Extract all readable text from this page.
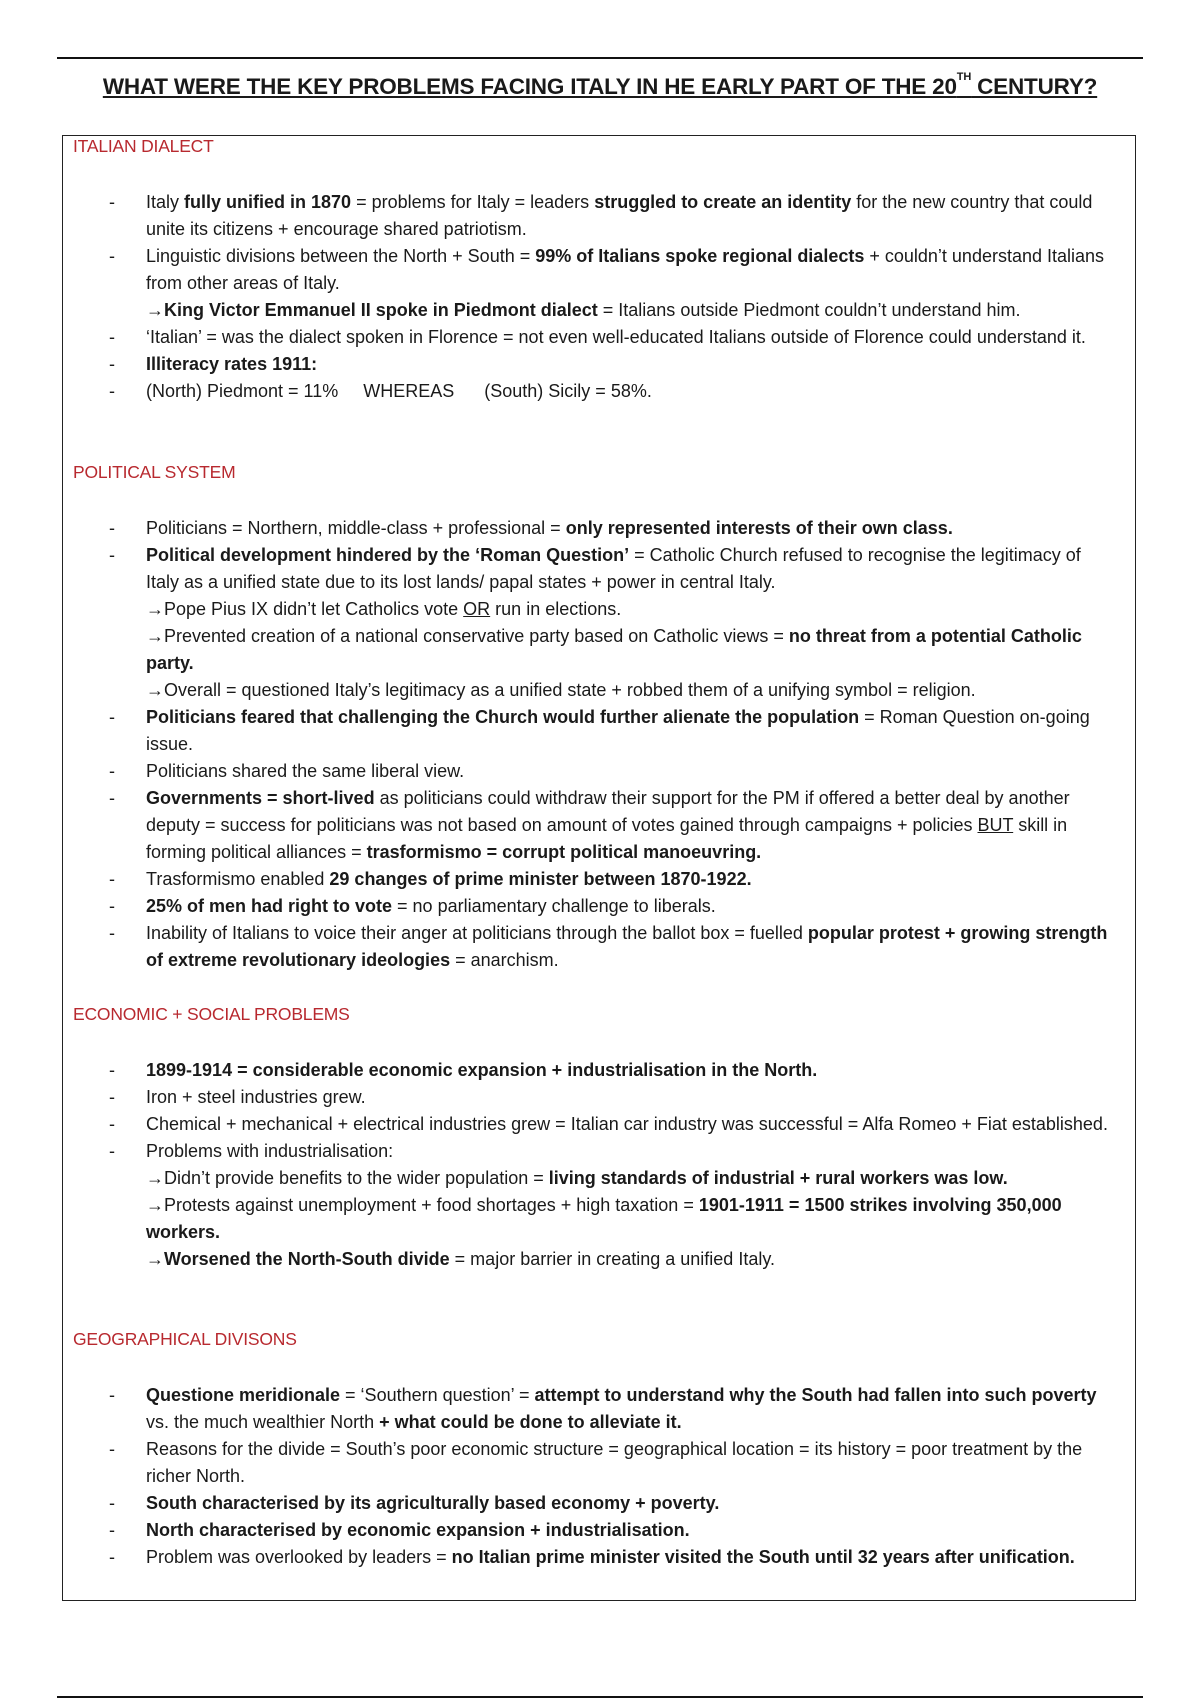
WHAT WERE THE KEY PROBLEMS FACING ITALY IN HE EARLY PART OF THE 20TH CENTURY?
ITALIAN DIALECT
- Italy fully unified in 1870 = problems for Italy = leaders struggled to create an identity for the new country that could unite its citizens + encourage shared patriotism.
- Linguistic divisions between the North + South = 99% of Italians spoke regional dialects + couldn’t understand Italians from other areas of Italy.
→King Victor Emmanuel II spoke in Piedmont dialect = Italians outside Piedmont couldn’t understand him.
- ‘Italian’ = was the dialect spoken in Florence = not even well-educated Italians outside of Florence could understand it.
- Illiteracy rates 1911:
- (North) Piedmont = 11%     WHEREAS      (South) Sicily = 58%.
POLITICAL SYSTEM
- Politicians = Northern, middle-class + professional = only represented interests of their own class.
- Political development hindered by the ‘Roman Question’ = Catholic Church refused to recognise the legitimacy of Italy as a unified state due to its lost lands/ papal states + power in central Italy.
→Pope Pius IX didn’t let Catholics vote OR run in elections.
→Prevented creation of a national conservative party based on Catholic views = no threat from a potential Catholic party.
→Overall = questioned Italy’s legitimacy as a unified state + robbed them of a unifying symbol = religion.
- Politicians feared that challenging the Church would further alienate the population = Roman Question on-going issue.
- Politicians shared the same liberal view.
- Governments = short-lived as politicians could withdraw their support for the PM if offered a better deal by another deputy = success for politicians was not based on amount of votes gained through campaigns + policies BUT skill in forming political alliances = trasformismo = corrupt political manoeuvring.
- Trasformismo enabled 29 changes of prime minister between 1870-1922.
- 25% of men had right to vote = no parliamentary challenge to liberals.
- Inability of Italians to voice their anger at politicians through the ballot box = fuelled popular protest + growing strength of extreme revolutionary ideologies = anarchism.
ECONOMIC + SOCIAL PROBLEMS
- 1899-1914 = considerable economic expansion + industrialisation in the North.
- Iron + steel industries grew.
- Chemical + mechanical + electrical industries grew = Italian car industry was successful = Alfa Romeo + Fiat established.
- Problems with industrialisation:
→Didn’t provide benefits to the wider population = living standards of industrial + rural workers was low.
→Protests against unemployment + food shortages + high taxation = 1901-1911 = 1500 strikes involving 350,000 workers.
→Worsened the North-South divide = major barrier in creating a unified Italy.
GEOGRAPHICAL DIVISONS
- Questione meridionale = ‘Southern question’ = attempt to understand why the South had fallen into such poverty vs. the much wealthier North + what could be done to alleviate it.
- Reasons for the divide = South’s poor economic structure = geographical location = its history = poor treatment by the richer North.
- South characterised by its agriculturally based economy + poverty.
- North characterised by economic expansion + industrialisation.
- Problem was overlooked by leaders = no Italian prime minister visited the South until 32 years after unification.
